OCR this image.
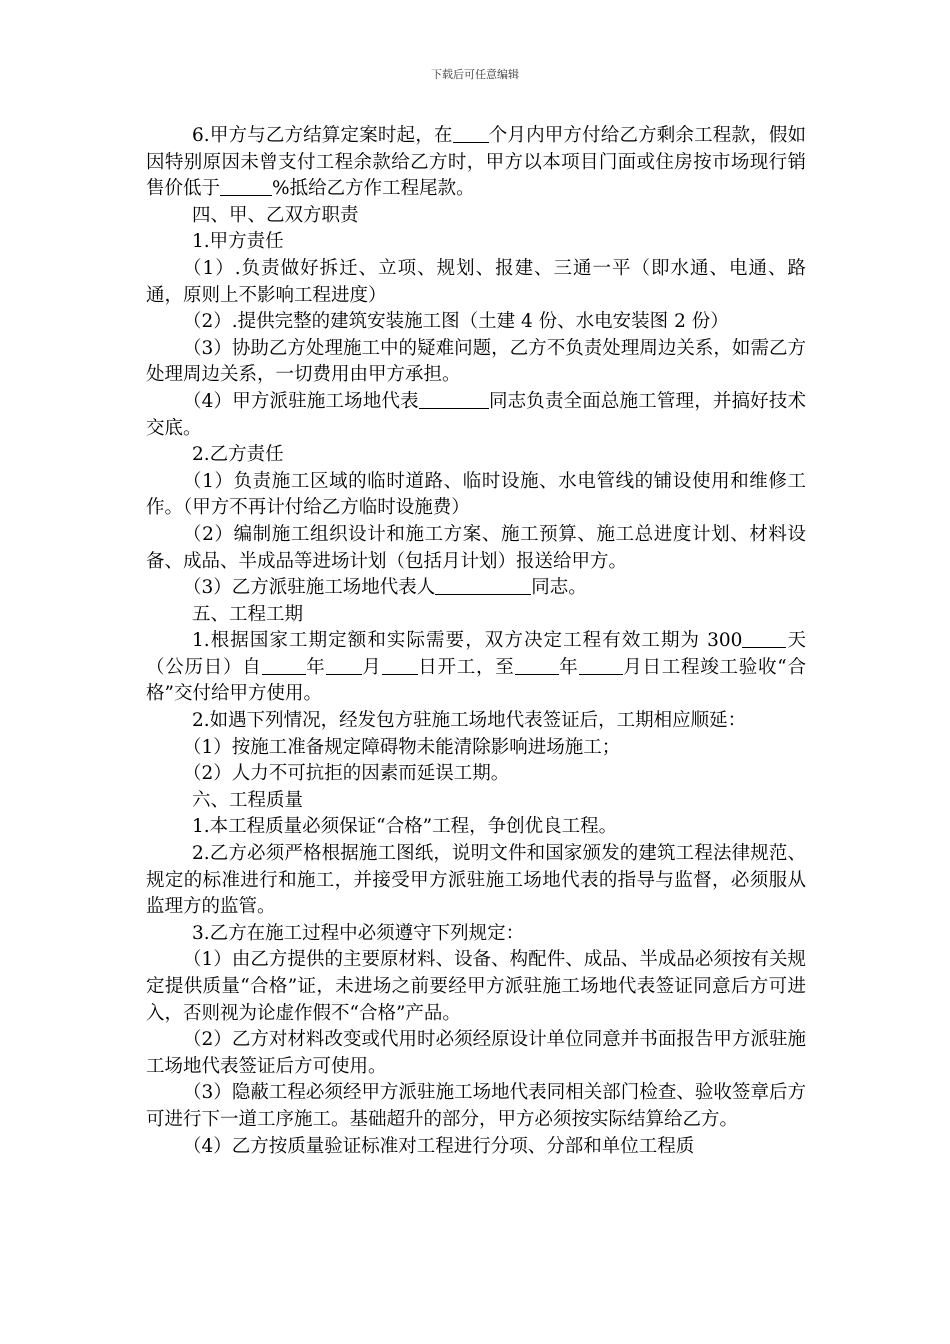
下载后可任意编辑

6.甲方与乙方结算定案时起，在 个月内甲方付给乙方剩余工程款，假如因特别原因未曾支付工程余款给乙方时，甲方以本项目门面或住房按市场现行销售价低于	%抵给乙方作工程尾款。

四、甲、乙双方职责

1.甲方责任

（1）.负责做好拆迁、立项、规划、报建、三通一平（即水通、电通、路通，原则上不影响工程进度）

（2）.提供完整的建筑安装施工图（土建 4 份、水电安装图 2 份）

（3）协助乙方处理施工中的疑难问题，乙方不负责处理周边关系，如需乙方处理周边关系，一切费用由甲方承担。

（4）甲方派驻施工场地代表	同志负责全面总施工管理，并搞好技术交底。

2.乙方责任

（1）负责施工区域的临时道路、临时设施、水电管线的铺设使用和维修工作。（甲方不再计付给乙方临时设施费）

（2）编制施工组织设计和施工方案、施工预算、施工总进度计划、材料设备、成品、半成品等进场计划（包括月计划）报送给甲方。

（3）乙方派驻施工场地代表人	同志。

五、工程工期

1.根据国家工期定额和实际需要，双方决定工程有效工期为 300 天（公历日）自 年 月 日开工，至 年 月日工程竣工验收“合格”交付给甲方使用。

2.如遇下列情况，经发包方驻施工场地代表签证后，工期相应顺延：

（1）按施工准备规定障碍物未能清除影响进场施工；

（2）人力不可抗拒的因素而延误工期。

六、工程质量

1.本工程质量必须保证“合格”工程，争创优良工程。

2.乙方必须严格根据施工图纸，说明文件和国家颁发的建筑工程法律规范、规定的标准进行和施工，并接受甲方派驻施工场地代表的指导与监督，必须服从监理方的监管。

3.乙方在施工过程中必须遵守下列规定：

（1）由乙方提供的主要原材料、设备、构配件、成品、半成品必须按有关规定提供质量“合格”证，未进场之前要经甲方派驻施工场地代表签证同意后方可进入，否则视为论虚作假不“合格”产品。

（2）乙方对材料改变或代用时必须经原设计单位同意并书面报告甲方派驻施工场地代表签证后方可使用。

（3）隐蔽工程必须经甲方派驻施工场地代表同相关部门检查、验收签章后方可进行下一道工序施工。基础超升的部分，甲方必须按实际结算给乙方。

（4）乙方按质量验证标准对工程进行分项、分部和单位工程质
